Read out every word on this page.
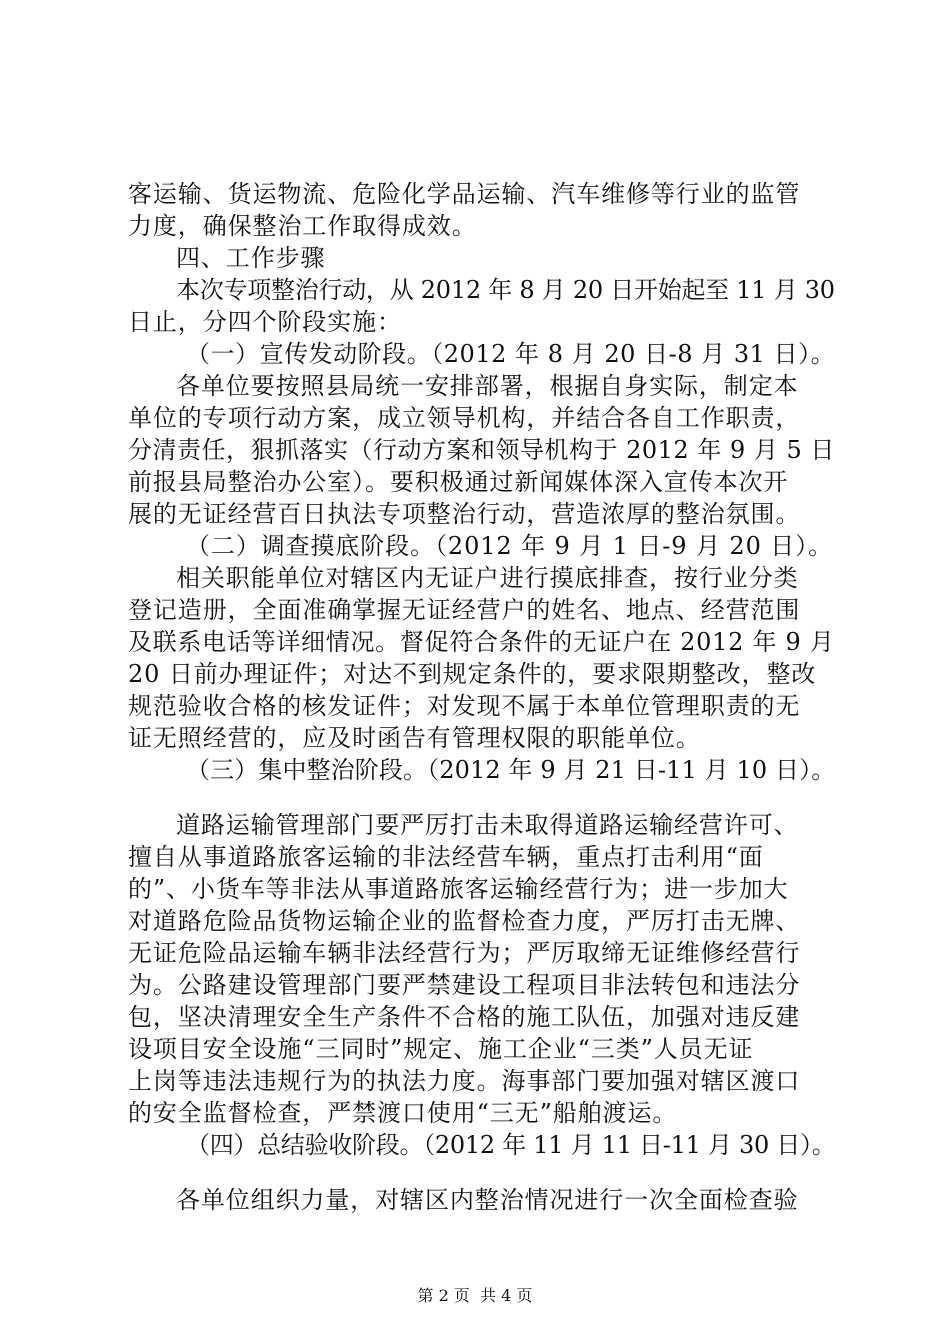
客运输、货运物流、危险化学品运输、汽车维修等行业的监管
力度，确保整治工作取得成效。
四、工作步骤
本次专项整治行动，从 2012 年 8 月 20 日开始起至 11 月 30
日止，分四个阶段实施：
（一）宣传发动阶段。（2012 年 8 月 20 日-8 月 31 日）。
各单位要按照县局统一安排部署，根据自身实际，制定本
单位的专项行动方案，成立领导机构，并结合各自工作职责，
分清责任，狠抓落实（行动方案和领导机构于 2012 年 9 月 5 日
前报县局整治办公室）。要积极通过新闻媒体深入宣传本次开
展的无证经营百日执法专项整治行动，营造浓厚的整治氛围。
（二）调查摸底阶段。（2012 年 9 月 1 日-9 月 20 日）。
相关职能单位对辖区内无证户进行摸底排查，按行业分类
登记造册，全面准确掌握无证经营户的姓名、地点、经营范围
及联系电话等详细情况。督促符合条件的无证户在 2012 年 9 月
20 日前办理证件；对达不到规定条件的，要求限期整改，整改
规范验收合格的核发证件；对发现不属于本单位管理职责的无
证无照经营的，应及时函告有管理权限的职能单位。
（三）集中整治阶段。（2012 年 9 月 21 日-11 月 10 日）。
道路运输管理部门要严厉打击未取得道路运输经营许可、
擅自从事道路旅客运输的非法经营车辆，重点打击利用“面
的”、小货车等非法从事道路旅客运输经营行为；进一步加大
对道路危险品货物运输企业的监督检查力度，严厉打击无牌、
无证危险品运输车辆非法经营行为；严厉取缔无证维修经营行
为。公路建设管理部门要严禁建设工程项目非法转包和违法分
包，坚决清理安全生产条件不合格的施工队伍，加强对违反建
设项目安全设施“三同时”规定、施工企业“三类”人员无证
上岗等违法违规行为的执法力度。海事部门要加强对辖区渡口
的安全监督检查，严禁渡口使用“三无”船舶渡运。
（四）总结验收阶段。（2012 年 11 月 11 日-11 月 30 日）。
各单位组织力量，对辖区内整治情况进行一次全面检查验
第 2 页  共 4 页
